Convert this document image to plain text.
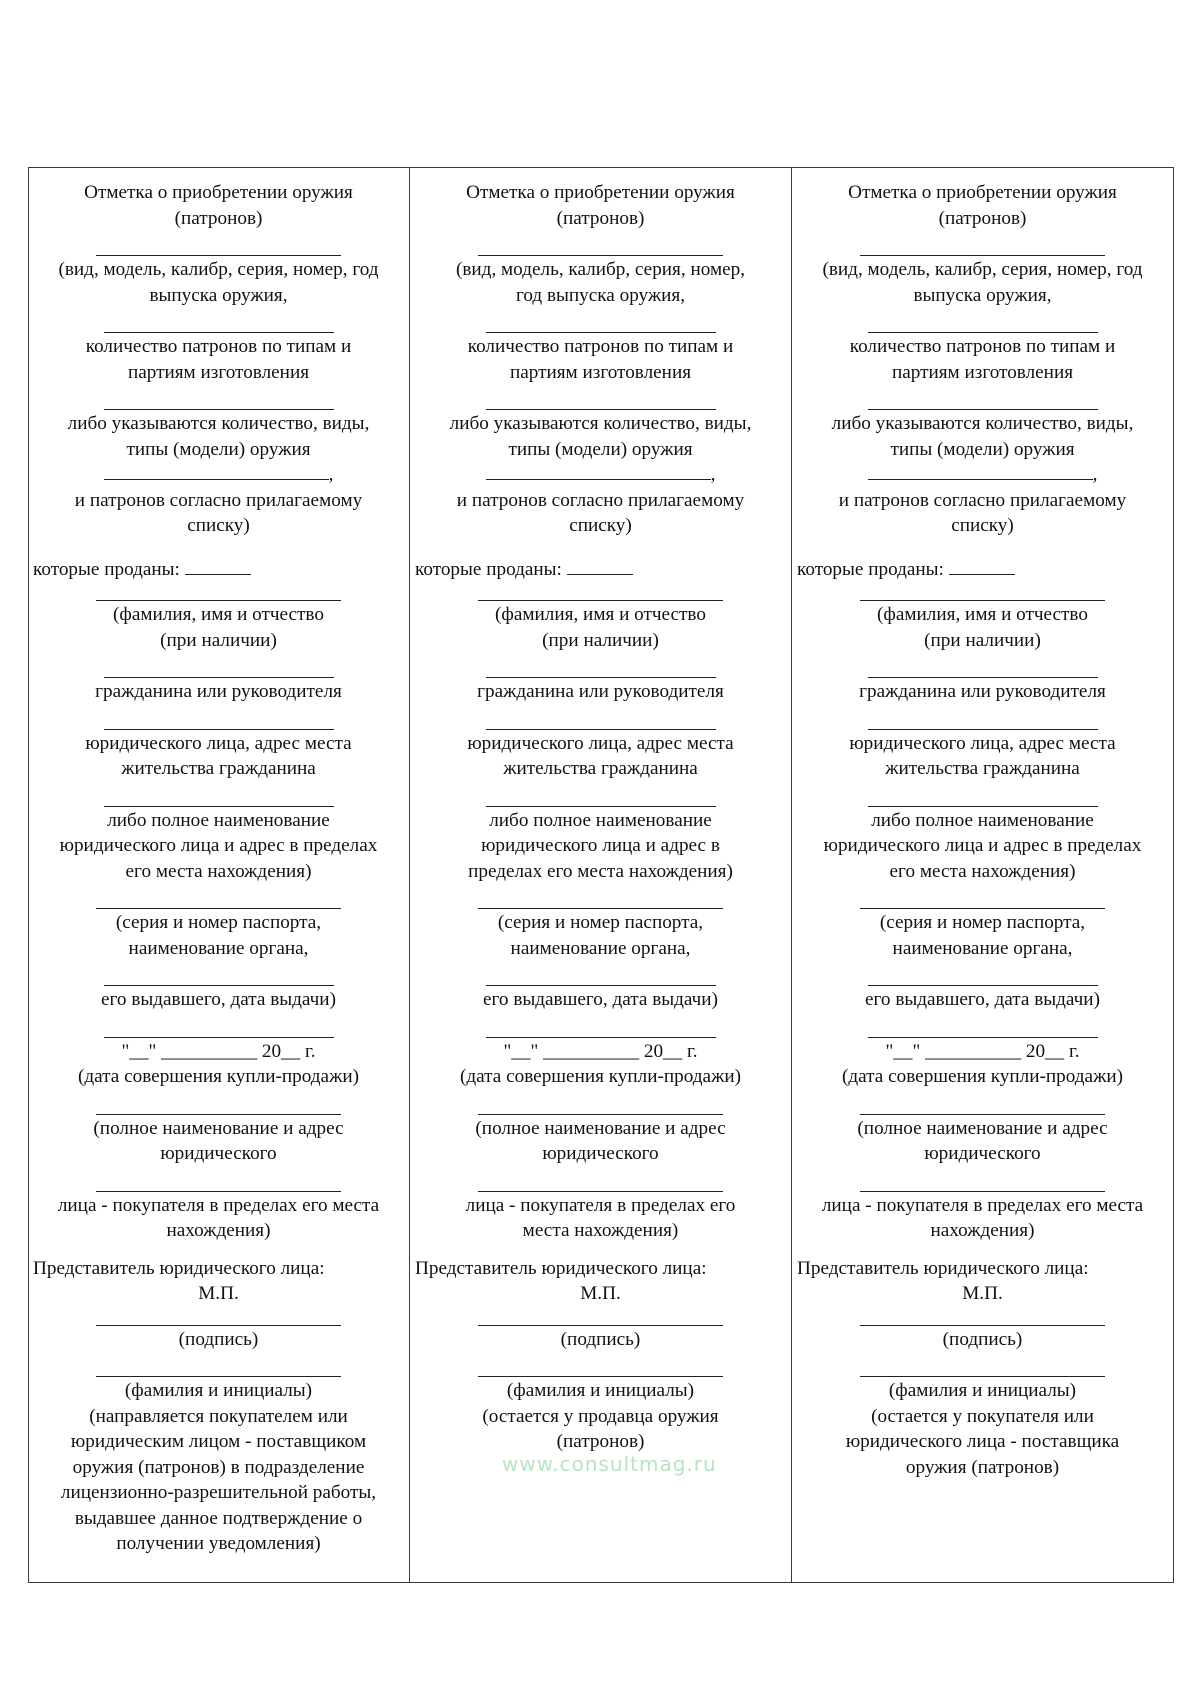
Отметка о приобретении оружия
(патронов)
(вид, модель, калибр, серия, номер, год
выпуска оружия,
количество патронов по типам и
партиям изготовления
либо указываются количество, виды,
типы (модели) оружия
,
и патронов согласно прилагаемому
списку)
которые проданы:
(фамилия, имя и отчество
(при наличии)
гражданина или руководителя
юридического лица, адрес места
жительства гражданина
либо полное наименование
юридического лица и адрес в пределах
его места нахождения)
(серия и номер паспорта,
наименование органа,
его выдавшего, дата выдачи)
"__" __________ 20__ г.
(дата совершения купли-продажи)
(полное наименование и адрес
юридического
лица - покупателя в пределах его места
нахождения)
Представитель юридического лица:
М.П.
(подпись)
(фамилия и инициалы)
(направляется покупателем или
юридическим лицом - поставщиком
оружия (патронов) в подразделение
лицензионно-разрешительной работы,
выдавшее данное подтверждение о
получении уведомления)
Отметка о приобретении оружия
(патронов)
(вид, модель, калибр, серия, номер,
год выпуска оружия,
количество патронов по типам и
партиям изготовления
либо указываются количество, виды,
типы (модели) оружия
,
и патронов согласно прилагаемому
списку)
которые проданы:
(фамилия, имя и отчество
(при наличии)
гражданина или руководителя
юридического лица, адрес места
жительства гражданина
либо полное наименование
юридического лица и адрес в
пределах его места нахождения)
(серия и номер паспорта,
наименование органа,
его выдавшего, дата выдачи)
"__" __________ 20__ г.
(дата совершения купли-продажи)
(полное наименование и адрес
юридического
лица - покупателя в пределах его
места нахождения)
Представитель юридического лица:
М.П.
(подпись)
(фамилия и инициалы)
(остается у продавца оружия
(патронов)
Отметка о приобретении оружия
(патронов)
(вид, модель, калибр, серия, номер, год
выпуска оружия,
количество патронов по типам и
партиям изготовления
либо указываются количество, виды,
типы (модели) оружия
,
и патронов согласно прилагаемому
списку)
которые проданы:
(фамилия, имя и отчество
(при наличии)
гражданина или руководителя
юридического лица, адрес места
жительства гражданина
либо полное наименование
юридического лица и адрес в пределах
его места нахождения)
(серия и номер паспорта,
наименование органа,
его выдавшего, дата выдачи)
"__" __________ 20__ г.
(дата совершения купли-продажи)
(полное наименование и адрес
юридического
лица - покупателя в пределах его места
нахождения)
Представитель юридического лица:
М.П.
(подпись)
(фамилия и инициалы)
(остается у покупателя или
юридического лица - поставщика
оружия (патронов)
www.consultmag.ru
